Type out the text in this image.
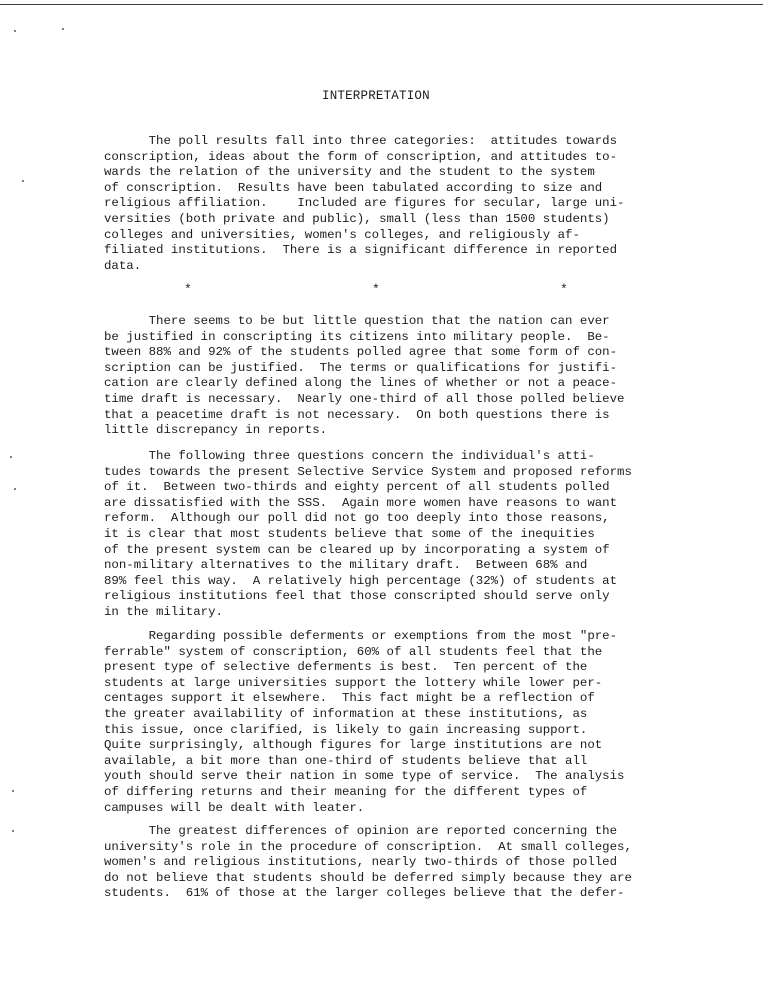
INTERPRETATION
The poll results fall into three categories:  attitudes towards
conscription, ideas about the form of conscription, and attitudes to-
wards the relation of the university and the student to the system
of conscription.  Results have been tabulated according to size and
religious affiliation.    Included are figures for secular, large uni-
versities (both private and public), small (less than 1500 students)
colleges and universities, women's colleges, and religiously af-
filiated institutions.  There is a significant difference in reported
data.
*	*	*
There seems to be but little question that the nation can ever
be justified in conscripting its citizens into military people.  Be-
tween 88% and 92% of the students polled agree that some form of con-
scription can be justified.  The terms or qualifications for justifi-
cation are clearly defined along the lines of whether or not a peace-
time draft is necessary.  Nearly one-third of all those polled believe
that a peacetime draft is not necessary.  On both questions there is
little discrepancy in reports.
The following three questions concern the individual's atti-
tudes towards the present Selective Service System and proposed reforms
of it.  Between two-thirds and eighty percent of all students polled
are dissatisfied with the SSS.  Again more women have reasons to want
reform.  Although our poll did not go too deeply into those reasons,
it is clear that most students believe that some of the inequities
of the present system can be cleared up by incorporating a system of
non-military alternatives to the military draft.  Between 68% and
89% feel this way.  A relatively high percentage (32%) of students at
religious institutions feel that those conscripted should serve only
in the military.
Regarding possible deferments or exemptions from the most "pre-
ferrable" system of conscription, 60% of all students feel that the
present type of selective deferments is best.  Ten percent of the
students at large universities support the lottery while lower per-
centages support it elsewhere.  This fact might be a reflection of
the greater availability of information at these institutions, as
this issue, once clarified, is likely to gain increasing support.
Quite surprisingly, although figures for large institutions are not
available, a bit more than one-third of students believe that all
youth should serve their nation in some type of service.  The analysis
of differing returns and their meaning for the different types of
campuses will be dealt with leater.
The greatest differences of opinion are reported concerning the
university's role in the procedure of conscription.  At small colleges,
women's and religious institutions, nearly two-thirds of those polled
do not believe that students should be deferred simply because they are
students.  61% of those at the larger colleges believe that the defer-
